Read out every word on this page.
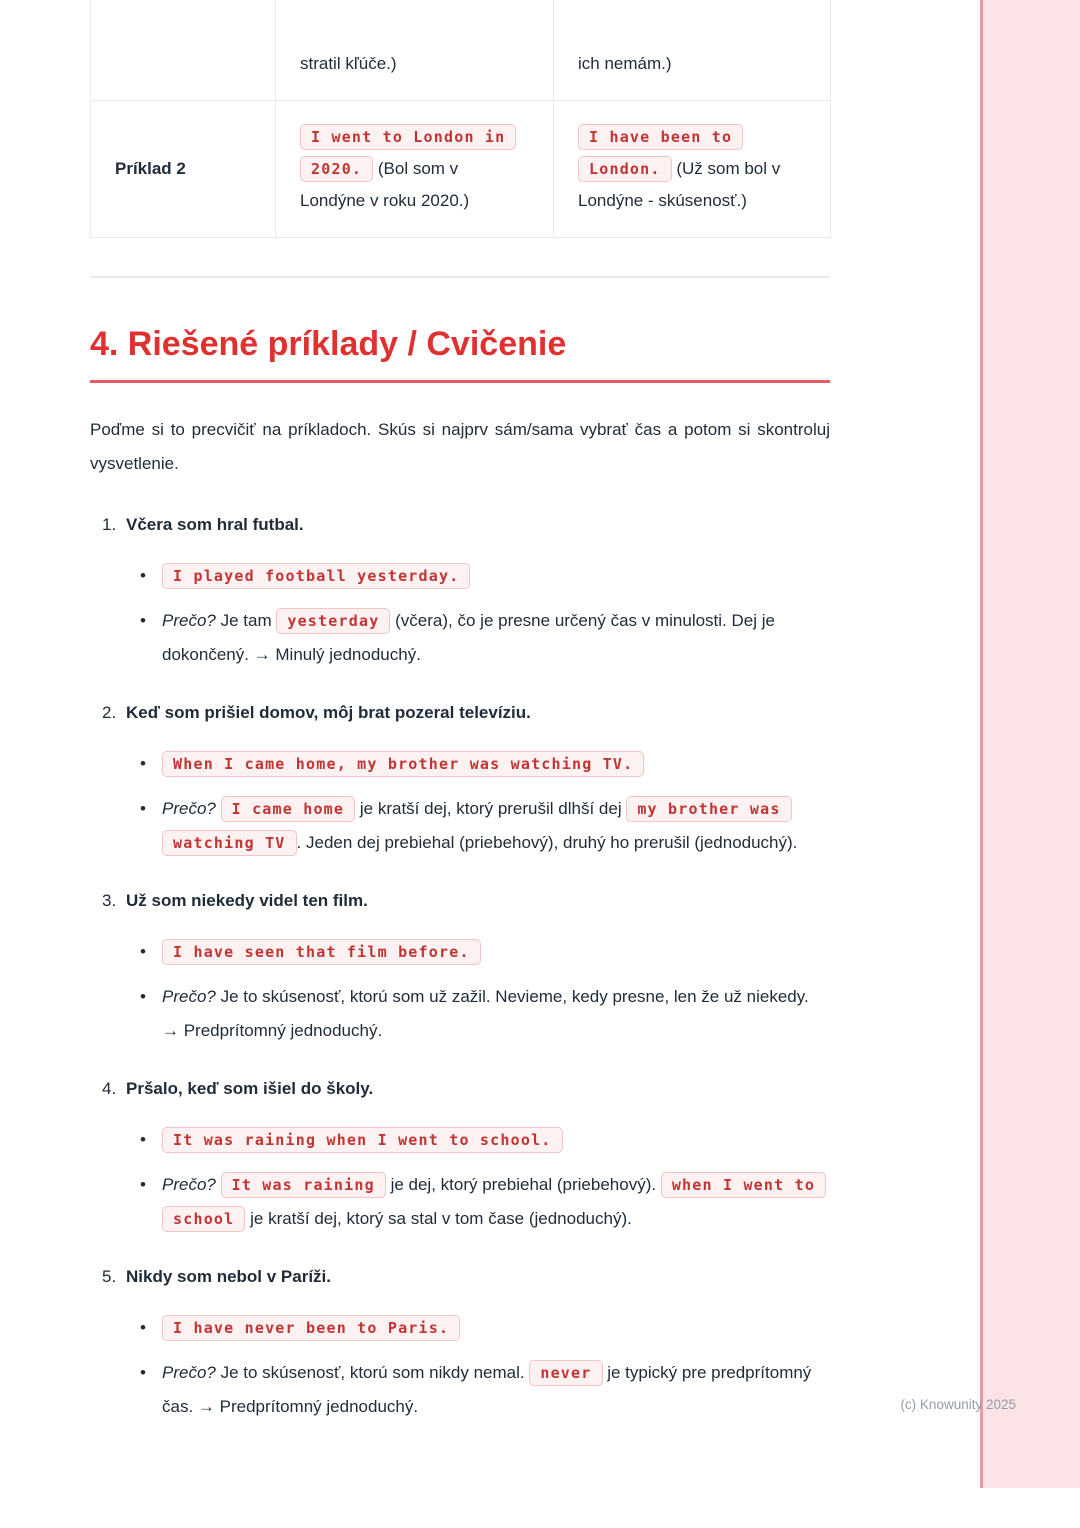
	stratil kľúče.)	ich nemám.)

Príklad 2	I went to London in 2020. (Bol som v Londýne v roku 2020.)	I have been to London. (Už som bol v Londýne - skúsenosť.)
4. Riešené príklady / Cvičenie

Poďme si to precvičiť na príkladoch. Skús si najprv sám/sama vybrať čas a potom si skontroluj vysvetlenie.

1. Včera som hral futbal.
• I played football yesterday.
• Prečo? Je tam yesterday (včera), čo je presne určený čas v minulosti. Dej je dokončený. → Minulý jednoduchý.
2. Keď som prišiel domov, môj brat pozeral televíziu.
• When I came home, my brother was watching TV.
• Prečo? I came home je kratší dej, ktorý prerušil dlhší dej my brother was watching TV . Jeden dej prebiehal (priebehový), druhý ho prerušil (jednoduchý).
3. Už som niekedy videl ten film.
• I have seen that film before.
• Prečo? Je to skúsenosť, ktorú som už zažil. Nevieme, kedy presne, len že už niekedy. → Predprítomný jednoduchý.
4. Pršalo, keď som išiel do školy.
• It was raining when I went to school.
• Prečo? It was raining je dej, ktorý prebiehal (priebehový). when I went to school je kratší dej, ktorý sa stal v tom čase (jednoduchý).
5. Nikdy som nebol v Paríži.
• I have never been to Paris.
• Prečo? Je to skúsenosť, ktorú som nikdy nemal. never je typický pre predprítomný čas. → Predprítomný jednoduchý.	(c) Knowunity 2025
